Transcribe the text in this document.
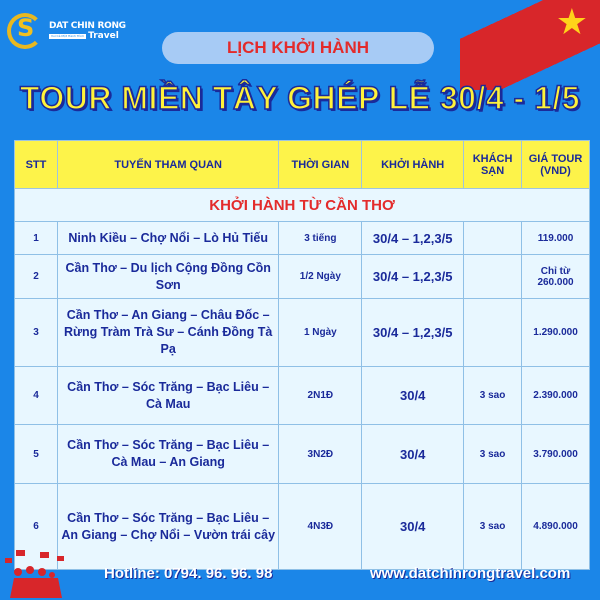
S
DAT CHIN RONG
Vui Cả Một Hành Trình Travel	★
LỊCH KHỞI HÀNH
TOUR MIỀN TÂY GHÉP LỄ 30/4 - 1/5
STT	TUYẾN THAM QUAN	THỜI GIAN	KHỞI HÀNH	KHÁCH SẠN	GIÁ TOUR (VND)
KHỞI HÀNH TỪ CẦN THƠ					
1	Ninh Kiều – Chợ Nổi – Lò Hủ Tiếu	3 tiếng	30/4 – 1,2,3/5		119.000
2	Cần Thơ – Du lịch Cộng Đồng Cồn Sơn	1/2 Ngày	30/4 – 1,2,3/5		Chỉ từ 260.000
3	Cần Thơ – An Giang – Châu Đốc – Rừng Tràm Trà Sư – Cánh Đồng Tà Pạ	1 Ngày	30/4 – 1,2,3/5		1.290.000
4	Cần Thơ – Sóc Trăng – Bạc Liêu – Cà Mau	2N1Đ	30/4	3 sao	2.390.000
5	Cần Thơ – Sóc Trăng – Bạc Liêu – Cà Mau – An Giang	3N2Đ	30/4	3 sao	3.790.000
6	Cần Thơ – Sóc Trăng – Bạc Liêu – An Giang – Chợ Nổi – Vườn trái cây	4N3Đ	30/4	3 sao	4.890.000
Hotline: 0794. 96. 96. 98	www.datchinrongtravel.com
